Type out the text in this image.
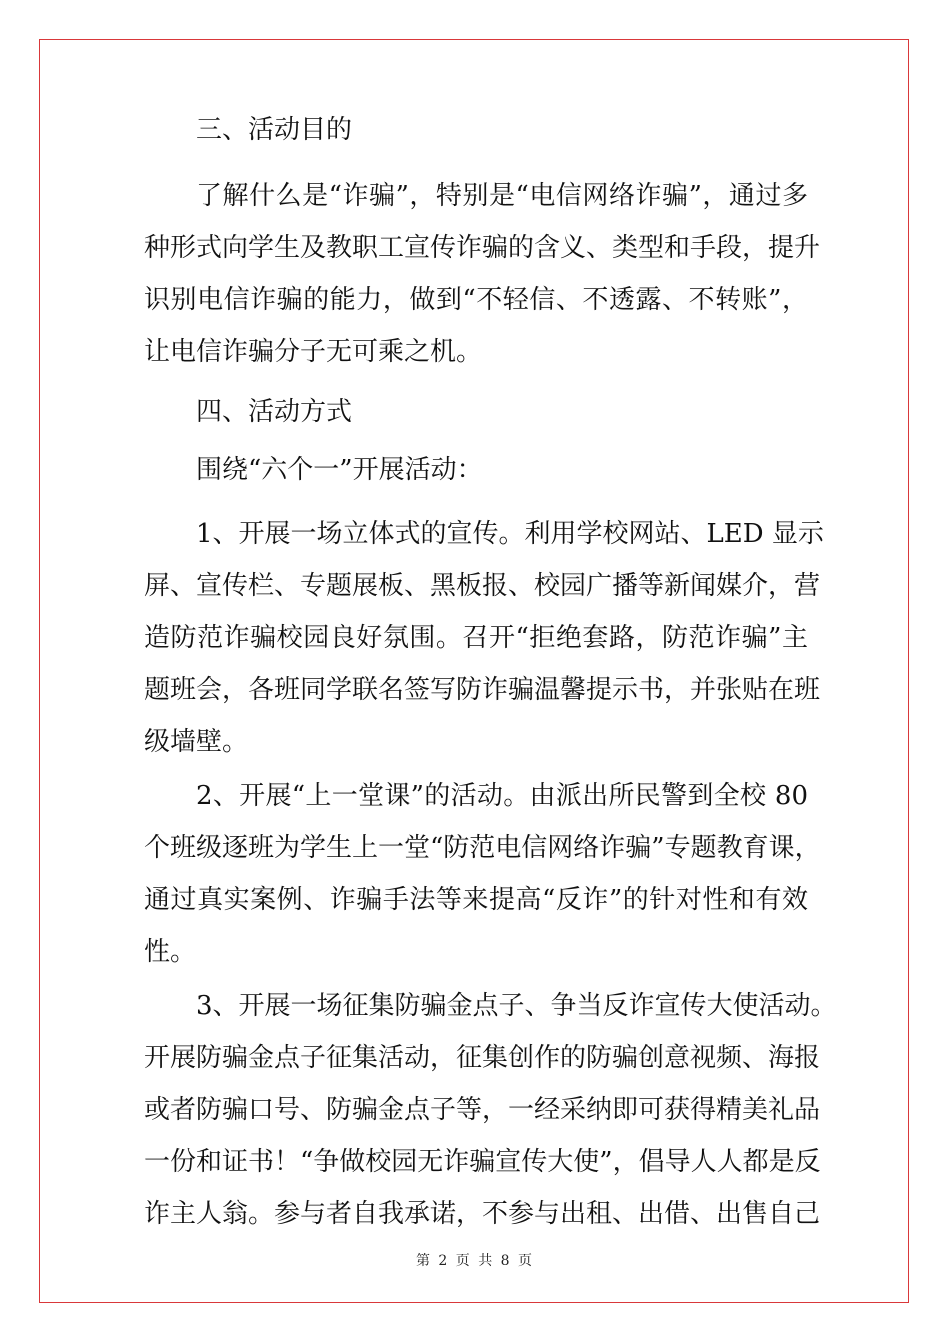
三、活动目的
了解什么是“诈骗”，特别是“电信网络诈骗”，通过多
种形式向学生及教职工宣传诈骗的含义、类型和手段，提升
识别电信诈骗的能力，做到“不轻信、不透露、不转账”，
让电信诈骗分子无可乘之机。
四、活动方式
围绕“六个一”开展活动：
1、开展一场立体式的宣传。利用学校网站、LED 显示
屏、宣传栏、专题展板、黑板报、校园广播等新闻媒介，营
造防范诈骗校园良好氛围。召开“拒绝套路，防范诈骗”主
题班会，各班同学联名签写防诈骗温馨提示书，并张贴在班
级墙壁。
2、开展“上一堂课”的活动。由派出所民警到全校 80
个班级逐班为学生上一堂“防范电信网络诈骗”专题教育课，
通过真实案例、诈骗手法等来提高“反诈”的针对性和有效
性。
3、开展一场征集防骗金点子、争当反诈宣传大使活动。
开展防骗金点子征集活动，征集创作的防骗创意视频、海报
或者防骗口号、防骗金点子等，一经采纳即可获得精美礼品
一份和证书！“争做校园无诈骗宣传大使”，倡导人人都是反
诈主人翁。参与者自我承诺，不参与出租、出借、出售自己
第 2 页 共 8 页
